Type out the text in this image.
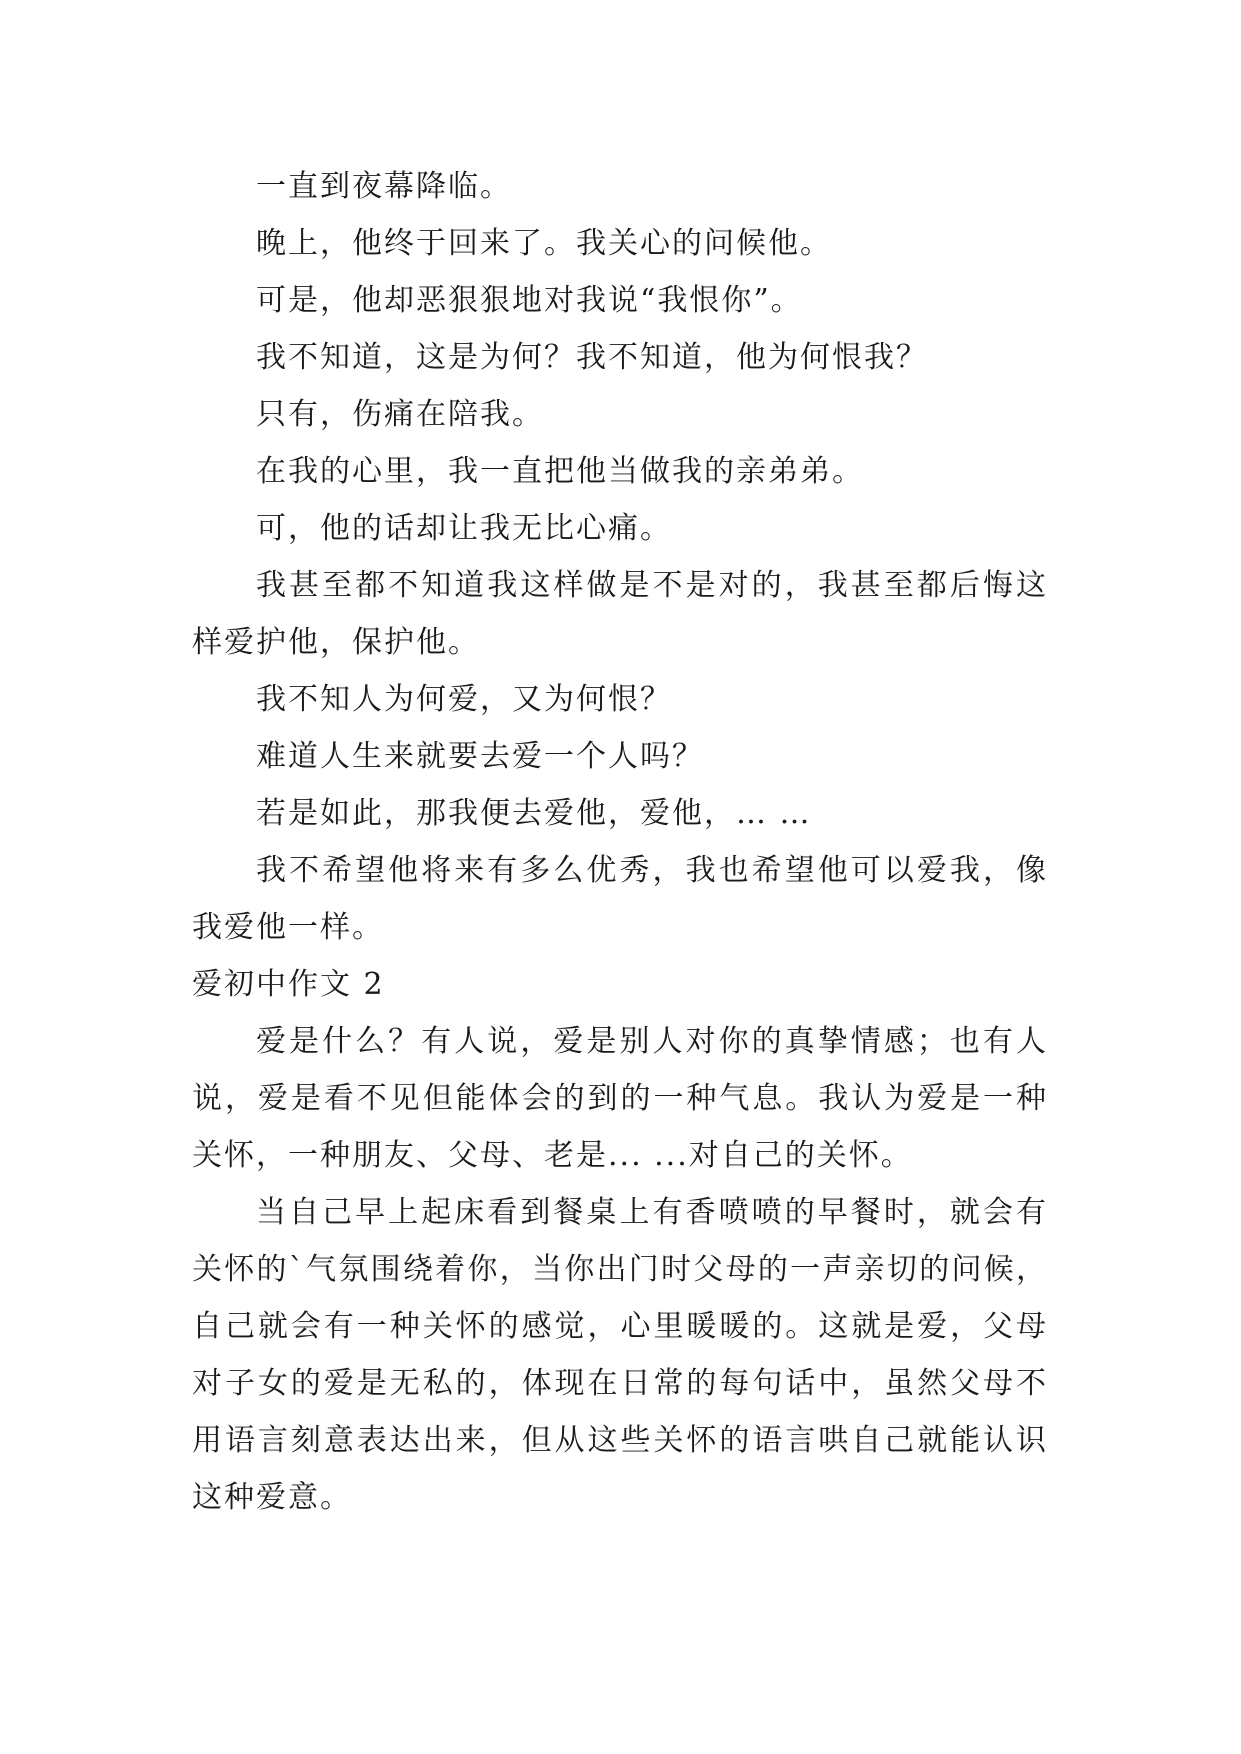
一直到夜幕降临。

晚上，他终于回来了。我关心的问候他。

可是，他却恶狠狠地对我说“我恨你”。

我不知道，这是为何？我不知道，他为何恨我？

只有，伤痛在陪我。

在我的心里，我一直把他当做我的亲弟弟。

可，他的话却让我无比心痛。

我甚至都不知道我这样做是不是对的，我甚至都后悔这样爱护他，保护他。

我不知人为何爱，又为何恨？

难道人生来就要去爱一个人吗？

若是如此，那我便去爱他，爱他，… …

我不希望他将来有多么优秀，我也希望他可以爱我，像我爱他一样。

爱初中作文 2

爱是什么？有人说，爱是别人对你的真挚情感；也有人说，爱是看不见但能体会的到的一种气息。我认为爱是一种关怀，一种朋友、父母、老是... ...对自己的关怀。

当自己早上起床看到餐桌上有香喷喷的早餐时，就会有关怀的`气氛围绕着你，当你出门时父母的一声亲切的问候，自己就会有一种关怀的感觉，心里暖暖的。这就是爱，父母对子女的爱是无私的，体现在日常的每句话中，虽然父母不用语言刻意表达出来，但从这些关怀的语言哄自己就能认识这种爱意。
